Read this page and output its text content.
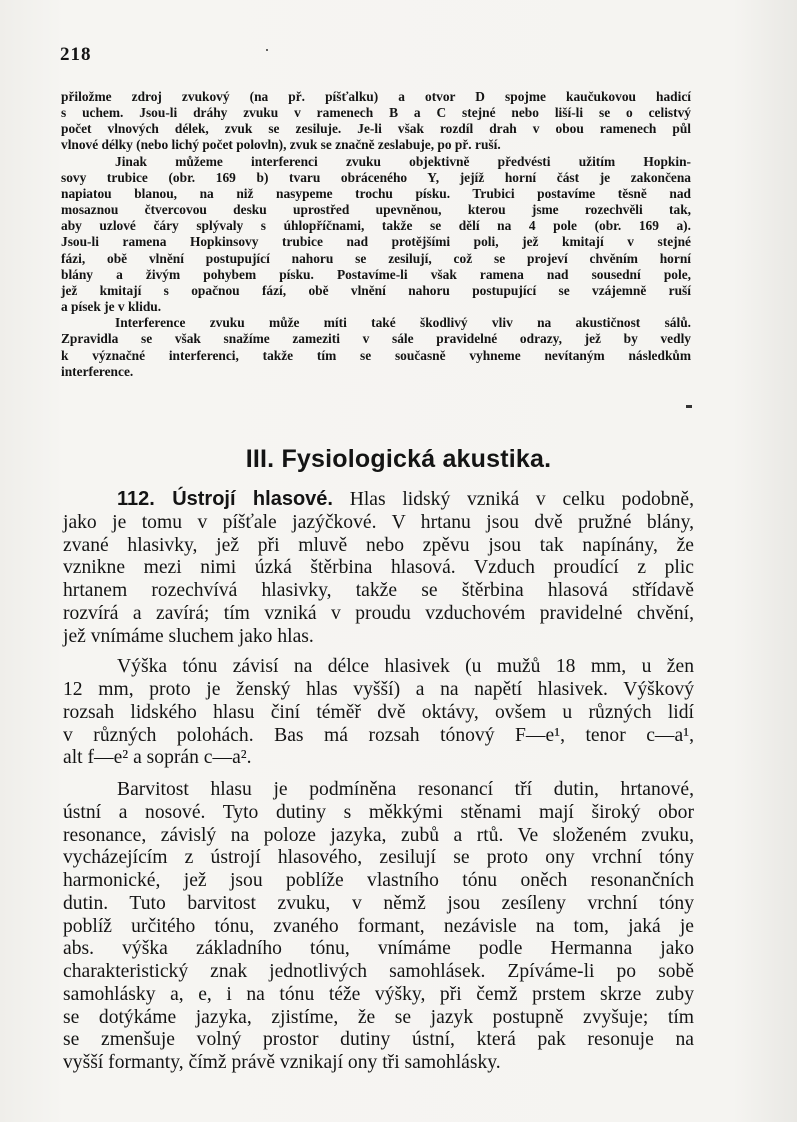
218
přiložme zdroj zvukový (na př. píšťalku) a otvor D spojme kaučukovou hadicí
s uchem. Jsou-li dráhy zvuku v ramenech B a C stejné nebo liší-li se o celistvý
počet vlnových délek, zvuk se zesiluje. Je-li však rozdíl drah v obou ramenech půl
vlnové délky (nebo lichý počet polovln), zvuk se značně zeslabuje, po př. ruší.
Jinak můžeme interferenci zvuku objektivně předvésti užitím Hopkin-
sovy trubice (obr. 169 b) tvaru obráceného Y, jejíž horní část je zakončena
napiatou blanou, na niž nasypeme trochu písku. Trubici postavíme těsně nad
mosaznou čtvercovou desku uprostřed upevněnou, kterou jsme rozechvěli tak,
aby uzlové čáry splývaly s úhlopříčnami, takže se dělí na 4 pole (obr. 169 a).
Jsou-li ramena Hopkinsovy trubice nad protějšími poli, jež kmitají v stejné
fázi, obě vlnění postupující nahoru se zesilují, což se projeví chvěním horní
blány a živým pohybem písku. Postavíme-li však ramena nad sousední pole,
jež kmitají s opačnou fází, obě vlnění nahoru postupující se vzájemně ruší
a písek je v klidu.
Interference zvuku může míti také škodlivý vliv na akustičnost sálů.
Zpravidla se však snažíme zameziti v sále pravidelné odrazy, jež by vedly
k význačné interferenci, takže tím se současně vyhneme nevítaným následkům
interference.
III. Fysiologická akustika.
112. Ústrojí hlasové. Hlas lidský vzniká v celku podobně,
jako je tomu v píšťale jazýčkové. V hrtanu jsou dvě pružné blány,
zvané hlasivky, jež při mluvě nebo zpěvu jsou tak napínány, že
vznikne mezi nimi úzká štěrbina hlasová. Vzduch proudící z plic
hrtanem rozechvívá hlasivky, takže se štěrbina hlasová střídavě
rozvírá a zavírá; tím vzniká v proudu vzduchovém pravidelné chvění,
jež vnímáme sluchem jako hlas.
Výška tónu závisí na délce hlasivek (u mužů 18 mm, u žen
12 mm, proto je ženský hlas vyšší) a na napětí hlasivek. Výškový
rozsah lidského hlasu činí téměř dvě oktávy, ovšem u různých lidí
v různých polohách. Bas má rozsah tónový F—e¹, tenor c—a¹,
alt f—e² a soprán c—a².
Barvitost hlasu je podmíněna resonancí tří dutin, hrtanové,
ústní a nosové. Tyto dutiny s měkkými stěnami mají široký obor
resonance, závislý na poloze jazyka, zubů a rtů. Ve složeném zvuku,
vycházejícím z ústrojí hlasového, zesilují se proto ony vrchní tóny
harmonické, jež jsou poblíže vlastního tónu oněch resonančních
dutin. Tuto barvitost zvuku, v němž jsou zesíleny vrchní tóny
poblíž určitého tónu, zvaného formant, nezávisle na tom, jaká je
abs. výška základního tónu, vnímáme podle Hermanna jako
charakteristický znak jednotlivých samohlásek. Zpíváme-li po sobě
samohlásky a, e, i na tónu téže výšky, při čemž prstem skrze zuby
se dotýkáme jazyka, zjistíme, že se jazyk postupně zvyšuje; tím
se zmenšuje volný prostor dutiny ústní, která pak resonuje na
vyšší formanty, čímž právě vznikají ony tři samohlásky.
